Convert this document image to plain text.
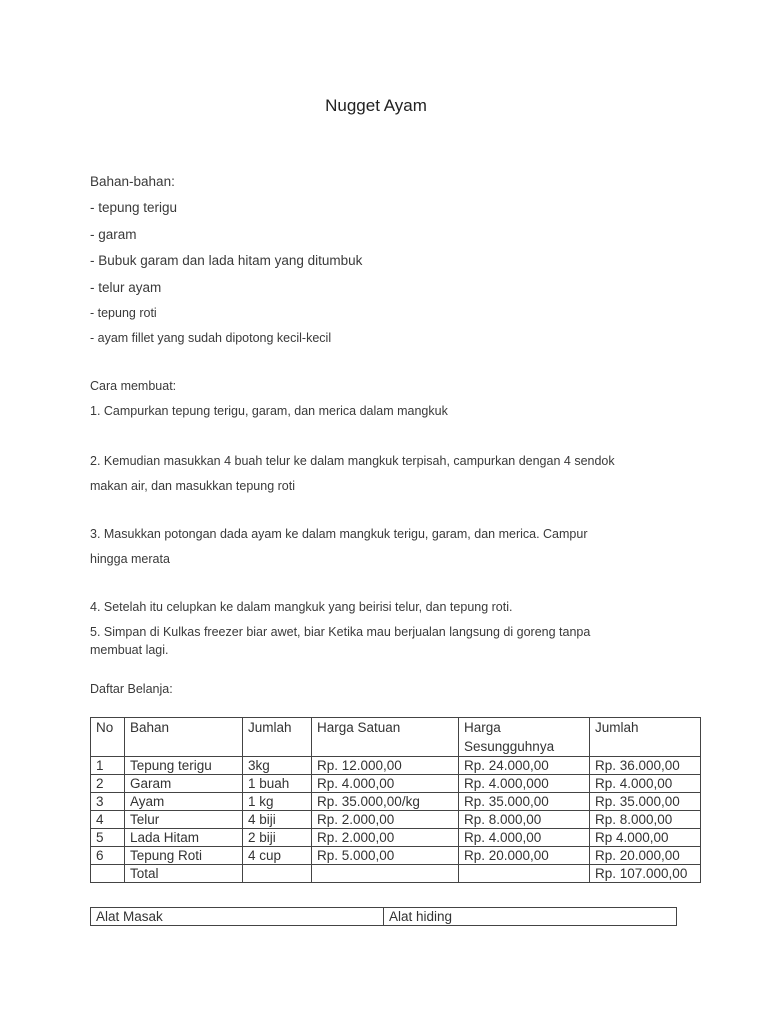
Nugget Ayam
Bahan-bahan:
- tepung terigu
- garam
- Bubuk garam dan lada hitam yang ditumbuk
- telur ayam
- tepung roti
- ayam fillet yang sudah dipotong kecil-kecil
Cara membuat:
1. Campurkan tepung terigu, garam, dan merica dalam mangkuk
2. Kemudian masukkan 4 buah telur ke dalam mangkuk terpisah, campurkan dengan 4 sendok
makan air, dan masukkan tepung roti
3. Masukkan potongan dada ayam ke dalam mangkuk terigu, garam, dan merica. Campur
hingga merata
4. Setelah itu celupkan ke dalam mangkuk yang beirisi telur, dan tepung roti.
5. Simpan di Kulkas freezer biar awet, biar Ketika mau berjualan langsung di goreng tanpa
membuat lagi.
Daftar Belanja:
No	Bahan	Jumlah	Harga Satuan	Harga Sesungguhnya	Jumlah
1	Tepung terigu	3kg	Rp. 12.000,00	Rp. 24.000,00	Rp. 36.000,00
2	Garam	1 buah	Rp. 4.000,00	Rp. 4.000,000	Rp. 4.000,00
3	Ayam	1 kg	Rp. 35.000,00/kg	Rp. 35.000,00	Rp. 35.000,00
4	Telur	4 biji	Rp. 2.000,00	Rp. 8.000,00	Rp. 8.000,00
5	Lada Hitam	2 biji	Rp. 2.000,00	Rp. 4.000,00	Rp 4.000,00
6	Tepung Roti	4 cup	Rp. 5.000,00	Rp. 20.000,00	Rp. 20.000,00
	Total				Rp. 107.000,00
Alat Masak	Alat hiding
